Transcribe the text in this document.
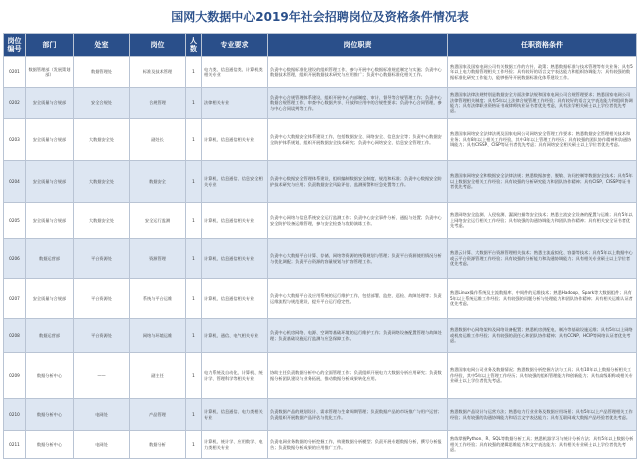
国网大数据中心2019年社会招聘岗位及资格条件情况表
岗位编号	部门	处室	岗位	人数	专业要求	岗位职责	任职资格条件
0201	数据管理部（发展策划部）	数据管理处	标准及技术管理	1	电力类、信息通信类、计算机类相关专业	负责中心数据标准化建设的组织管理工作，参与开展中心数据标准规范制定与实施；负责中心数据技术管理，组织开展数据技术研究与应用推广；负责中心数据标准化相关工作。	熟悉国家及国家电网公司有关数据工作的方针、政策；熟悉数据标准与技术管理等有关业务；具有5年以上电力数据管理相关工作经验；具有较好的语言文字表达能力和组织协调能力；具有较强的数据标准化研究工作能力，能够指导开展数据标准化体系建设工作。

0202	安全质量与合规部	安全合规处	合规管理	1	法律相关专业	负责中心合规管理体系建设，组织开展中心内部制度、审计、督导等合规管理工作；负责中心数据合规管理工作，审查中心数据共享、开放和应用中的合规性要求；负责中心合同管理，参与中心合同谈判等工作。	熟悉国家法律法规特别是数据安全方面法律法规和国家电网公司合规管理要求；熟悉国家电网公司法律管理相关制度；具有5年以上法律合规管理工作经验；具有较好的语言文字表达能力和组织协调能力；具有法律职业资格证书或律师执业证书者优先考虑，具有法学相关硕士以上学位者优先考虑。

0203	安全质量与合规部	大数据安全处	副处长	1	计算机、信息通信相关专业	负责中心大数据安全体系建设工作，包括数据安全、网络安全、信息安全等；负责中心数据安全防护体系规划，组织开展数据安全技术研究；负责中心网络安全、信息安全管理工作。	熟悉国家网络安全法律法规及国家电网公司网络安全管理工作要求；熟悉数据安全管理相关技术和业务；具有8年以上相关工作经验，其中3年以上管理工作经历；具有较强的团队协作精神和沟通协调能力；具有CISSP、CISP等证书者优先考虑；具有网络安全相关硕士以上学位者优先考虑。

0204	安全质量与合规部	大数据安全处	数据安全	1	计算机、信息通信、信息安全相关专业	负责中心数据安全管理体系建设，组织编制数据安全制度、规范和标准；负责中心数据安全防护技术研究与应用；负责数据安全风险评估、监测预警和应急处置等工作。	熟悉国家网络安全和数据安全法律法规；熟悉数据加密、脱敏、访问控制等数据安全技术；具有5年以上数据安全相关工作经验；具有较强的分析研究能力和团队协作精神；具有CISP、CISSP等证书者优先考虑。

0205	安全质量与合规部	大数据安全处	安全运行监测	1	计算机、信息通信相关专业	负责中心网络与信息系统安全运行监测工作；负责中心安全事件分析、通报与处置；负责中心安全防护设备运维管理，参与安全检查与攻防演练工作。	熟悉网络安全监测、入侵检测、漏洞扫描等安全技术；熟悉主流安全设备的配置与运维；具有5年以上网络安全运行相关工作经验；具有较强的沟通协调能力和团队协作精神；具有相关安全证书者优先考虑。

0206	数据运营部	平台资源处	资源管理	1	计算机、信息通信相关专业	负责中心大数据平台计算、存储、网络等资源的统筹规划与管理；负责平台资源使用情况分析与优化调配；负责平台资源的容量规划与扩容管理工作。	熟悉云计算、大数据平台资源管理相关技术；熟悉主流虚拟化、容器等技术；具有5年以上数据中心或云平台资源管理工作经验；具有较强的分析能力和沟通协调能力；具有相关专业硕士以上学位者优先考虑。

0207	安全质量与合规部	平台资源处	系统与平台运维	1	计算机、信息通信相关专业	负责中心大数据平台及应用系统的运行维护工作，包括部署、监控、巡检、故障处理等；负责运维流程与规范建设，提升平台运行稳定性。	熟悉Linux操作系统及主流数据库、中间件的运维技术；熟悉Hadoop、Spark等大数据组件；具有5年以上系统运维工作经验；具有较强的问题分析与处理能力和团队协作精神；具有相关运维认证者优先考虑。

0208	数据运营部	平台资源处	网络与环境运维	1	计算机、通信、电气相关专业	负责中心机房网络、电源、空调等基础环境的运行维护工作；负责网络设备配置管理与故障处理；负责基础设施运行监测与应急保障工作。	熟悉数据中心网络架构及网络设备配置；熟悉机房供配电、制冷等基础设施运维；具有5年以上网络或机房运维工作经验；具有较强的责任心和团队协作精神；具有CCNP、HCIP等网络认证者优先考虑。

0209	数据分析中心	——	副主任	1	电力系统及自动化、计算机、统计学、管理科学等相关专业	协助主任负责数据分析中心的全面管理工作；负责组织开展电力大数据分析应用研究；负责数据分析团队建设与业务拓展，推动数据分析成果转化应用。	熟悉国家电网公司业务及数据情况；熟悉数据分析挖掘方法与工具；具有10年以上数据分析相关工作经验，其中5年以上管理工作经历；具有较强的组织管理能力和创新能力；具有高级职称或相关专业硕士以上学位者优先考虑。

0210	数据分析中心	电网处	产品管理	1	计算机、信息通信、电力类相关专业	负责数据产品的规划设计、需求管理与生命周期管理；负责数据产品的市场推广与用户运营；负责组织开展数据产品评估与优化工作。	熟悉数据产品设计与运营方法；熟悉电力行业业务及数据应用场景；具有5年以上产品管理相关工作经验；具有较强的沟通协调能力和语言文字表达能力；具有互联网或大数据产品经验者优先考虑。

0211	数据分析中心	电网处	数据分析	1	计算机、统计学、应用数学、电力类相关专业	负责电网业务数据的分析挖掘工作，构建数据分析模型；负责开展专题数据分析，撰写分析报告；负责数据分析成果的应用推广工作。	熟练掌握Python、R、SQL等数据分析工具；熟悉机器学习与统计分析方法；具有5年以上数据分析相关工作经验；具有较强的逻辑思维能力和文字表达能力；具有相关专业硕士以上学位者优先考虑。
